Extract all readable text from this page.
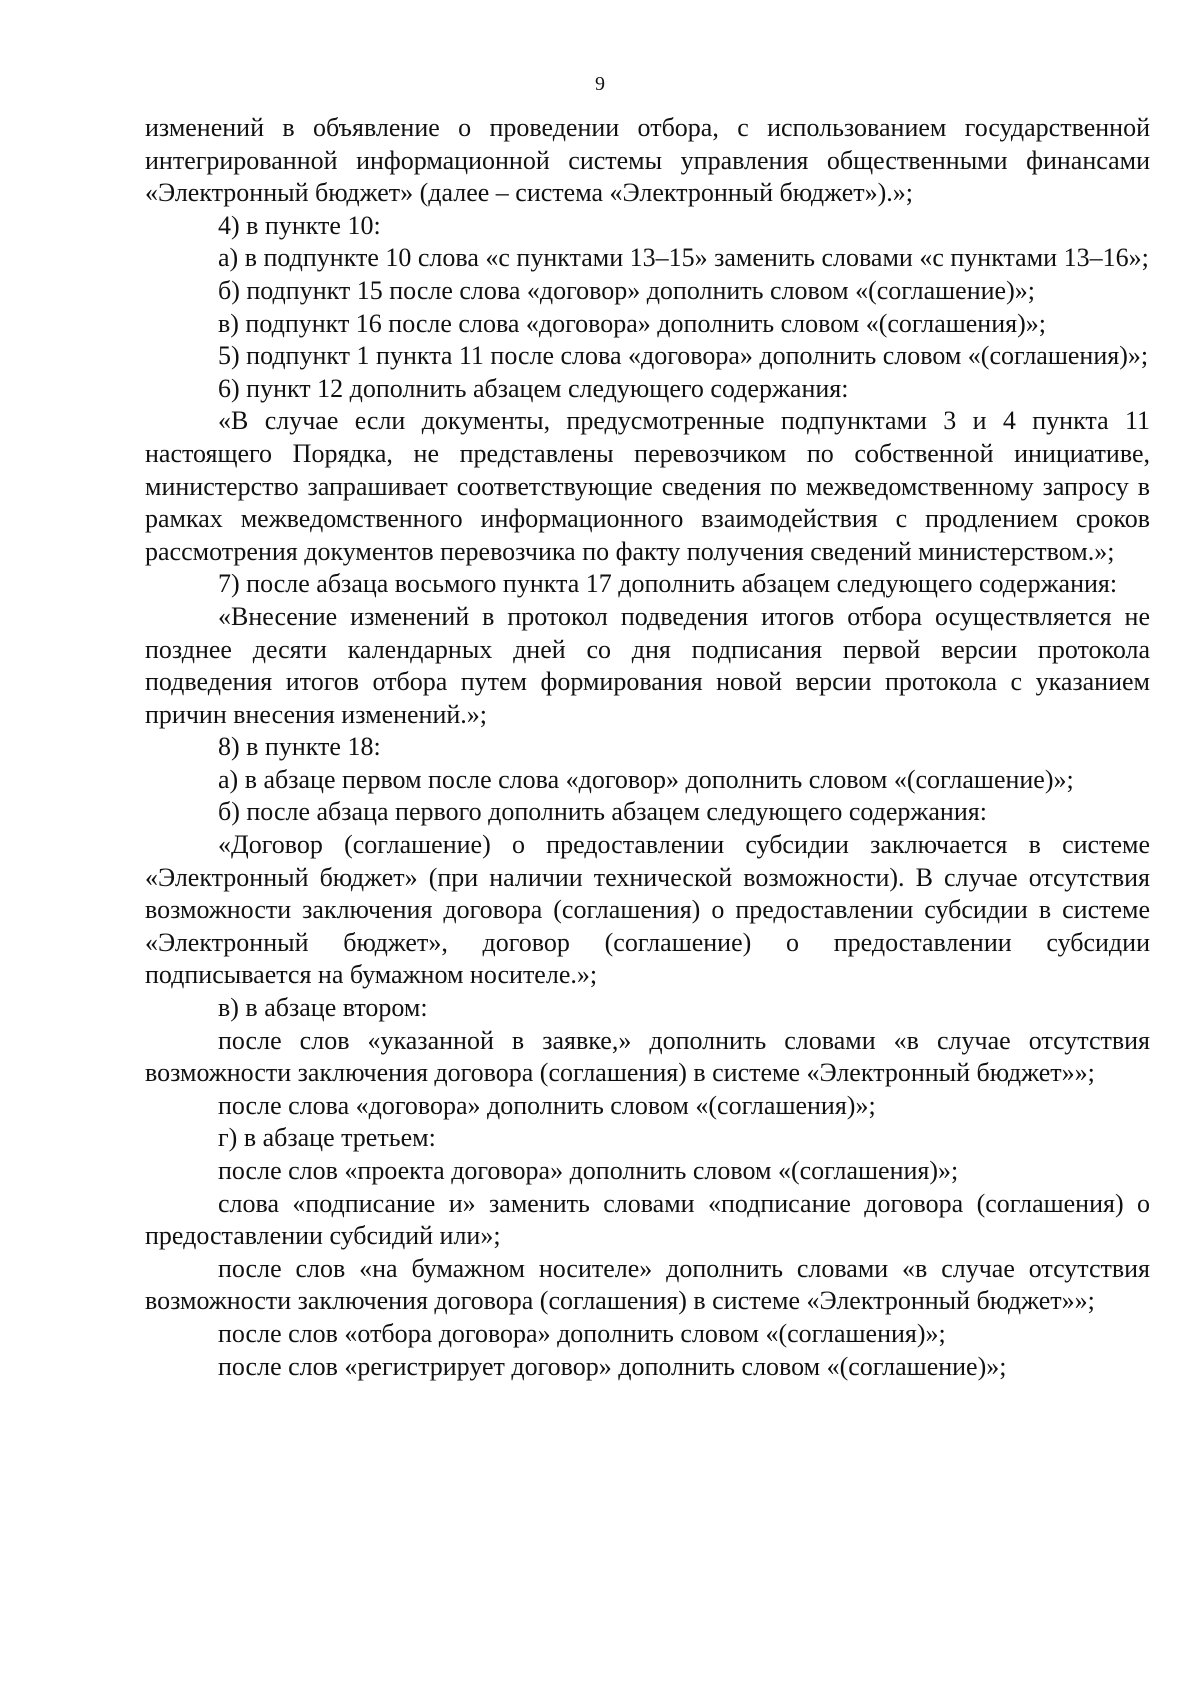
9

изменений в объявление о проведении отбора, с использованием государственной интегрированной информационной системы управления общественными финансами «Электронный бюджет» (далее – система «Электронный бюджет»).»;

4) в пункте 10:

а) в подпункте 10 слова «с пунктами 13–15» заменить словами «с пунктами 13–16»;

б) подпункт 15 после слова «договор» дополнить словом «(соглашение)»;

в) подпункт 16 после слова «договора» дополнить словом «(соглашения)»;

5) подпункт 1 пункта 11 после слова «договора» дополнить словом «(соглашения)»;

6) пункт 12 дополнить абзацем следующего содержания:

«В случае если документы, предусмотренные подпунктами 3 и 4 пункта 11 настоящего Порядка, не представлены перевозчиком по собственной инициативе, министерство запрашивает соответствующие сведения по межведомственному запросу в рамках межведомственного информационного взаимодействия с продлением сроков рассмотрения документов перевозчика по факту получения сведений министерством.»;

7) после абзаца восьмого пункта 17 дополнить абзацем следующего содержания:

«Внесение изменений в протокол подведения итогов отбора осуществляется не позднее десяти календарных дней со дня подписания первой версии протокола подведения итогов отбора путем формирования новой версии протокола с указанием причин внесения изменений.»;

8) в пункте 18:

а) в абзаце первом после слова «договор» дополнить словом «(соглашение)»;

б) после абзаца первого дополнить абзацем следующего содержания:

«Договор (соглашение) о предоставлении субсидии заключается в системе «Электронный бюджет» (при наличии технической возможности). В случае отсутствия возможности заключения договора (соглашения) о предоставлении субсидии в системе «Электронный бюджет», договор (соглашение) о предоставлении субсидии подписывается на бумажном носителе.»;

в) в абзаце втором:

после слов «указанной в заявке,» дополнить словами «в случае отсутствия возможности заключения договора (соглашения) в системе «Электронный бюджет»»;

после слова «договора» дополнить словом «(соглашения)»;

г) в абзаце третьем:

после слов «проекта договора» дополнить словом «(соглашения)»;

слова «подписание и» заменить словами «подписание договора (соглашения) о предоставлении субсидий или»;

после слов «на бумажном носителе» дополнить словами «в случае отсутствия возможности заключения договора (соглашения) в системе «Электронный бюджет»»;

после слов «отбора договора» дополнить словом «(соглашения)»;

после слов «регистрирует договор» дополнить словом «(соглашение)»;
